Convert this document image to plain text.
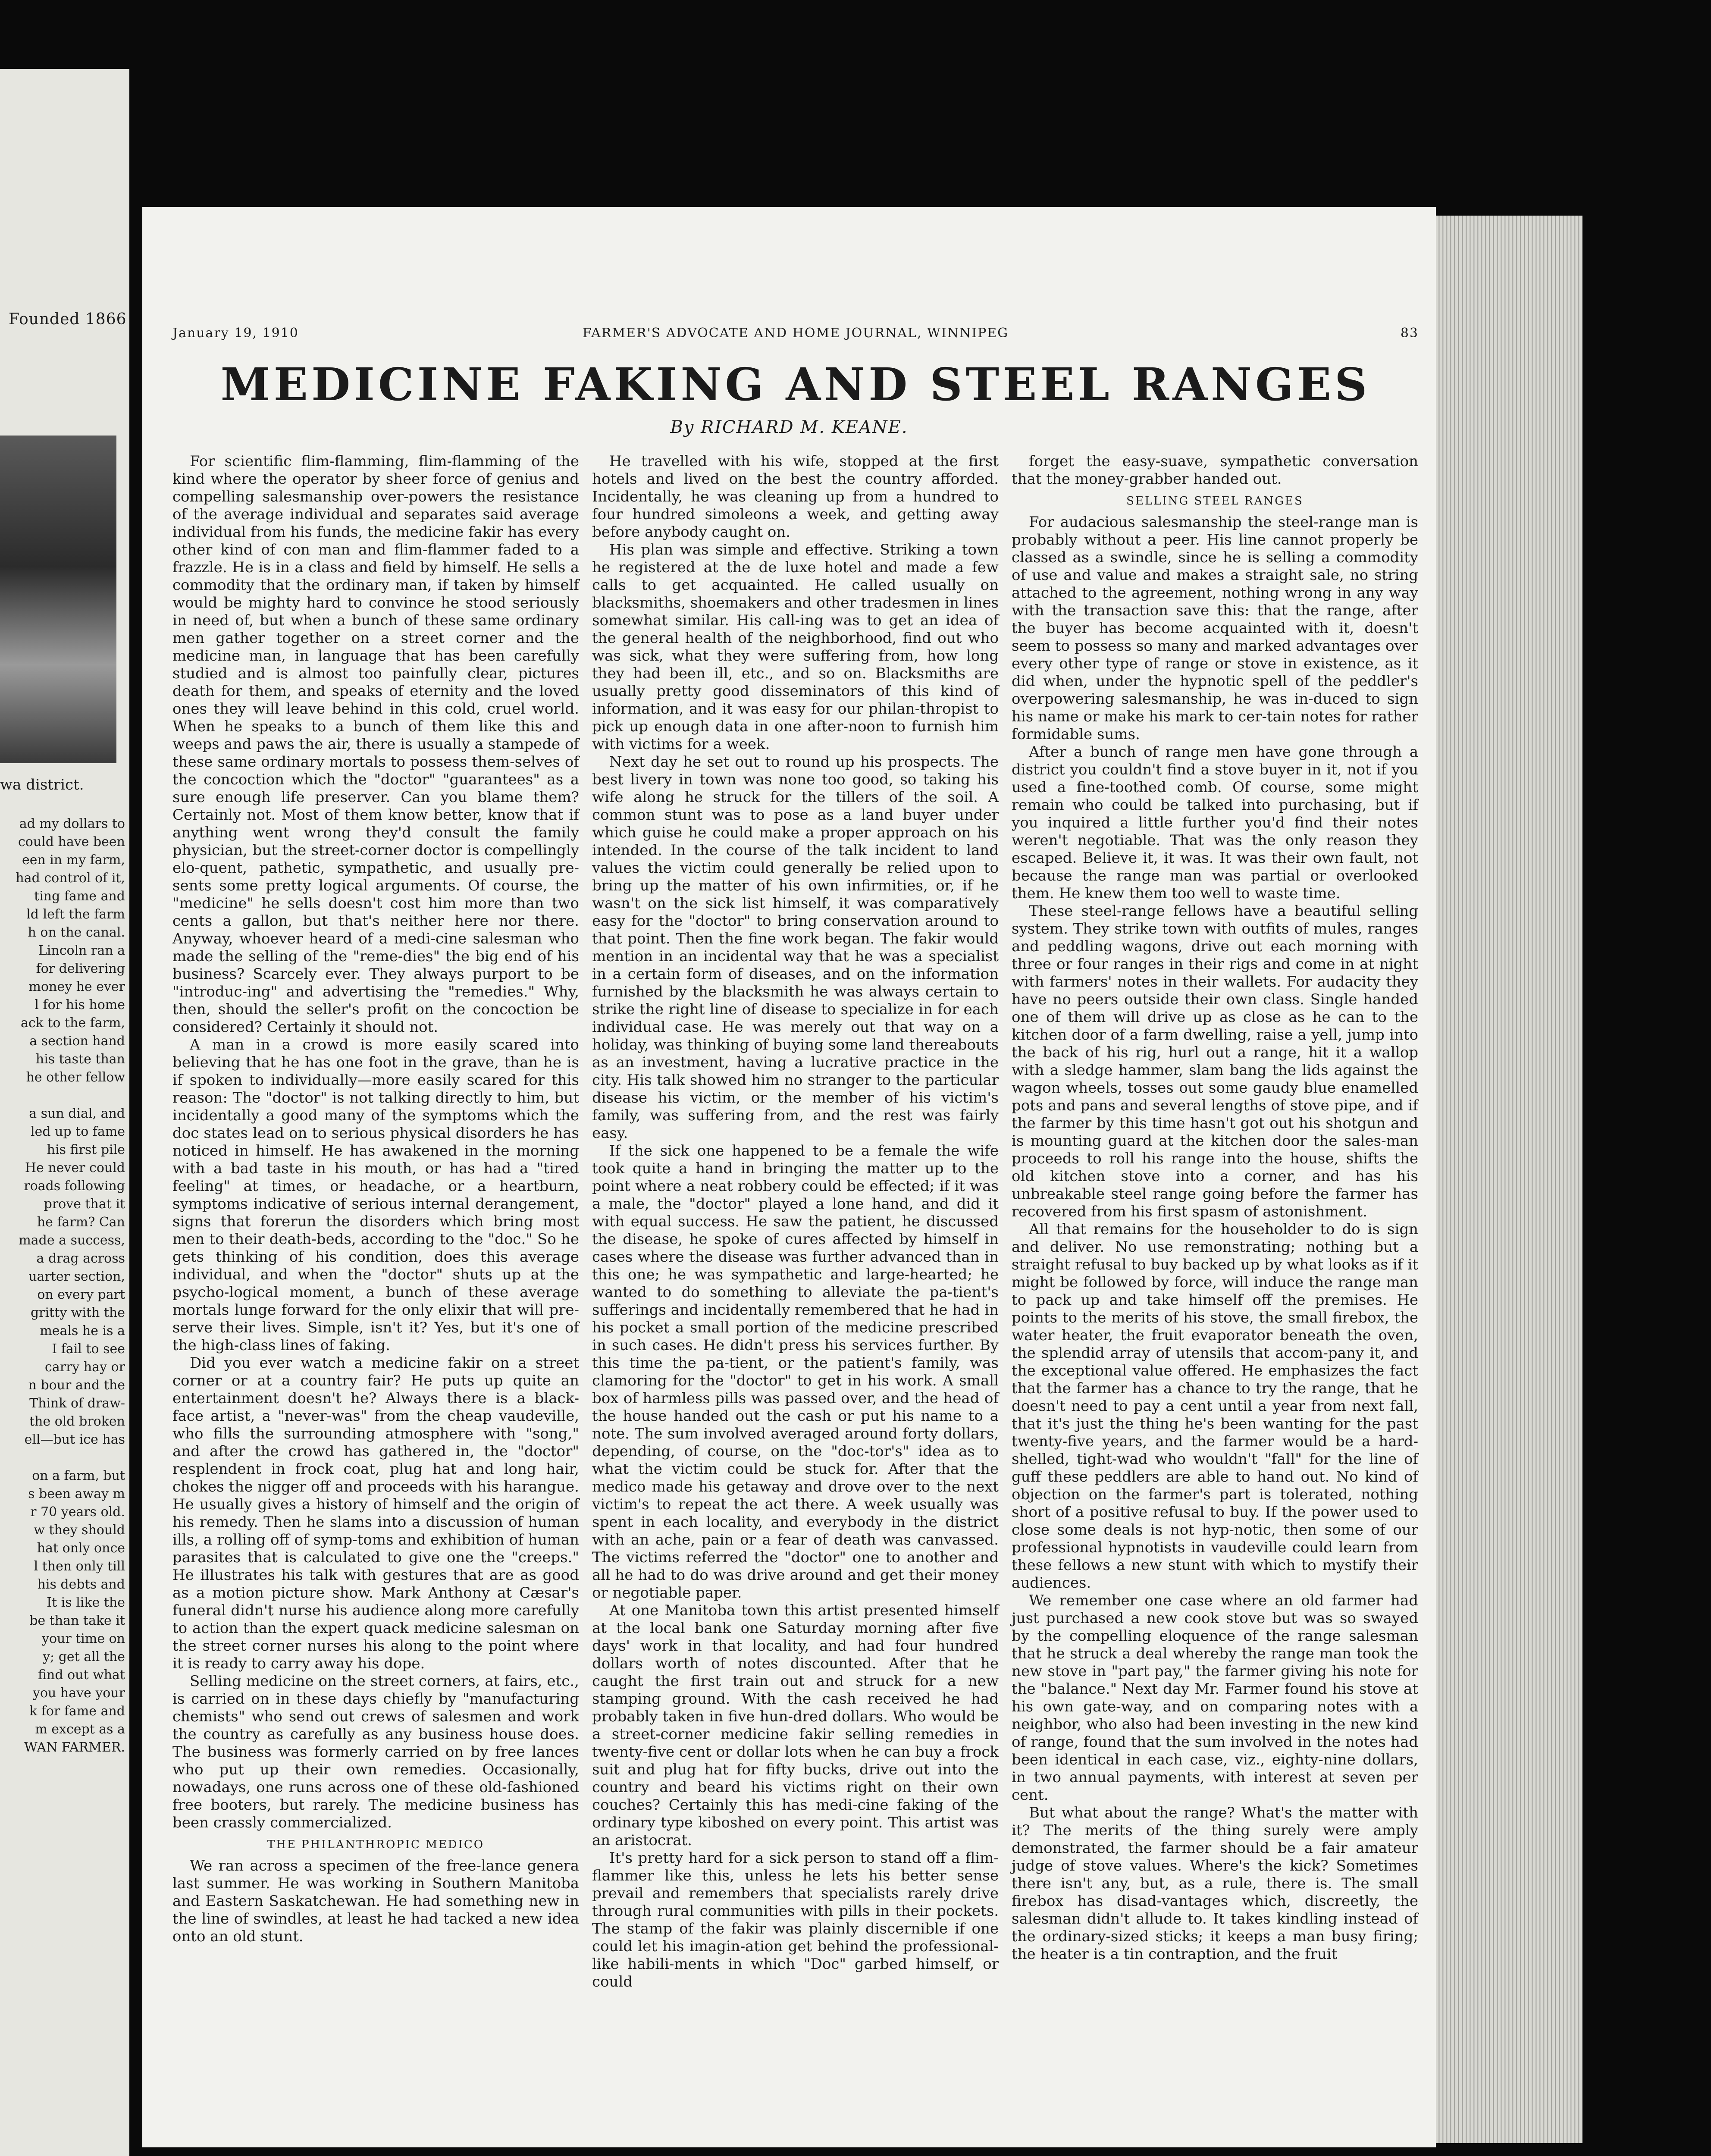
Founded 1866
wa district.
ad my dollars to
could have been
een in my farm,
had control of it,
ting fame and
ld left the farm
h on the canal.
Lincoln ran a
for delivering
money he ever
l for his home
ack to the farm,
a section hand
his taste than
he other fellow

a sun dial, and
led up to fame
his first pile
He never could
roads following
prove that it
he farm? Can
made a success,
a drag across
uarter section,
on every part
gritty with the
meals he is a
I fail to see
carry hay or
n bour and the
Think of draw-
the old broken
ell—but ice has

on a farm, but
s been away m
r 70 years old.
w they should
hat only once
l then only till
his debts and
It is like the
be than take it
your time on
y; get all the
find out what
you have your
k for fame and
m except as a
WAN FARMER.
January 19, 1910	FARMER'S ADVOCATE AND HOME JOURNAL, WINNIPEG	83
MEDICINE FAKING AND STEEL RANGES
By RICHARD M. KEANE.

For scientific flim-flamming, flim-flamming of the kind where the operator by sheer force of genius and compelling salesmanship over-powers the resistance of the average individual and separates said average individual from his funds, the medicine fakir has every other kind of con man and flim-flammer faded to a frazzle. He is in a class and field by himself. He sells a commodity that the ordinary man, if taken by himself would be mighty hard to convince he stood seriously in need of, but when a bunch of these same ordinary men gather together on a street corner and the medicine man, in language that has been carefully studied and is almost too painfully clear, pictures death for them, and speaks of eternity and the loved ones they will leave behind in this cold, cruel world. When he speaks to a bunch of them like this and weeps and paws the air, there is usually a stampede of these same ordinary mortals to possess them-selves of the concoction which the "doctor" "guarantees" as a sure enough life preserver. Can you blame them? Certainly not. Most of them know better, know that if anything went wrong they'd consult the family physician, but the street-corner doctor is compellingly elo-quent, pathetic, sympathetic, and usually pre-sents some pretty logical arguments. Of course, the "medicine" he sells doesn't cost him more than two cents a gallon, but that's neither here nor there. Anyway, whoever heard of a medi-cine salesman who made the selling of the "reme-dies" the big end of his business? Scarcely ever. They always purport to be "introduc-ing" and advertising the "remedies." Why, then, should the seller's profit on the concoction be considered? Certainly it should not.

A man in a crowd is more easily scared into believing that he has one foot in the grave, than he is if spoken to individually—more easily scared for this reason: The "doctor" is not talking directly to him, but incidentally a good many of the symptoms which the doc states lead on to serious physical disorders he has noticed in himself. He has awakened in the morning with a bad taste in his mouth, or has had a "tired feeling" at times, or headache, or a heartburn, symptoms indicative of serious internal derangement, signs that forerun the disorders which bring most men to their death-beds, according to the "doc." So he gets thinking of his condition, does this average individual, and when the "doctor" shuts up at the psycho-logical moment, a bunch of these average mortals lunge forward for the only elixir that will pre-serve their lives. Simple, isn't it? Yes, but it's one of the high-class lines of faking.

Did you ever watch a medicine fakir on a street corner or at a country fair? He puts up quite an entertainment doesn't he? Always there is a black-face artist, a "never-was" from the cheap vaudeville, who fills the surrounding atmosphere with "song," and after the crowd has gathered in, the "doctor" resplendent in frock coat, plug hat and long hair, chokes the nigger off and proceeds with his harangue. He usually gives a history of himself and the origin of his remedy. Then he slams into a discussion of human ills, a rolling off of symp-toms and exhibition of human parasites that is calculated to give one the "creeps." He illustrates his talk with gestures that are as good as a motion picture show. Mark Anthony at Cæsar's funeral didn't nurse his audience along more carefully to action than the expert quack medicine salesman on the street corner nurses his along to the point where it is ready to carry away his dope.

Selling medicine on the street corners, at fairs, etc., is carried on in these days chiefly by "manufacturing chemists" who send out crews of salesmen and work the country as carefully as any business house does. The business was formerly carried on by free lances who put up their own remedies. Occasionally, nowadays, one runs across one of these old-fashioned free booters, but rarely. The medicine business has been crassly commercialized.

THE PHILANTHROPIC MEDICO

We ran across a specimen of the free-lance genera last summer. He was working in Southern Manitoba and Eastern Saskatchewan. He had something new in the line of swindles, at least he had tacked a new idea onto an old stunt.

He travelled with his wife, stopped at the first hotels and lived on the best the country afforded. Incidentally, he was cleaning up from a hundred to four hundred simoleons a week, and getting away before anybody caught on.

His plan was simple and effective. Striking a town he registered at the de luxe hotel and made a few calls to get acquainted. He called usually on blacksmiths, shoemakers and other tradesmen in lines somewhat similar. His call-ing was to get an idea of the general health of the neighborhood, find out who was sick, what they were suffering from, how long they had been ill, etc., and so on. Blacksmiths are usually pretty good disseminators of this kind of information, and it was easy for our philan-thropist to pick up enough data in one after-noon to furnish him with victims for a week.

Next day he set out to round up his prospects. The best livery in town was none too good, so taking his wife along he struck for the tillers of the soil. A common stunt was to pose as a land buyer under which guise he could make a proper approach on his intended. In the course of the talk incident to land values the victim could generally be relied upon to bring up the matter of his own infirmities, or, if he wasn't on the sick list himself, it was comparatively easy for the "doctor" to bring conservation around to that point. Then the fine work began. The fakir would mention in an incidental way that he was a specialist in a certain form of diseases, and on the information furnished by the blacksmith he was always certain to strike the right line of disease to specialize in for each individual case. He was merely out that way on a holiday, was thinking of buying some land thereabouts as an investment, having a lucrative practice in the city. His talk showed him no stranger to the particular disease his victim, or the member of his victim's family, was suffering from, and the rest was fairly easy.

If the sick one happened to be a female the wife took quite a hand in bringing the matter up to the point where a neat robbery could be effected; if it was a male, the "doctor" played a lone hand, and did it with equal success. He saw the patient, he discussed the disease, he spoke of cures affected by himself in cases where the disease was further advanced than in this one; he was sympathetic and large-hearted; he wanted to do something to alleviate the pa-tient's sufferings and incidentally remembered that he had in his pocket a small portion of the medicine prescribed in such cases. He didn't press his services further. By this time the pa-tient, or the patient's family, was clamoring for the "doctor" to get in his work. A small box of harmless pills was passed over, and the head of the house handed out the cash or put his name to a note. The sum involved averaged around forty dollars, depending, of course, on the "doc-tor's" idea as to what the victim could be stuck for. After that the medico made his getaway and drove over to the next victim's to repeat the act there. A week usually was spent in each locality, and everybody in the district with an ache, pain or a fear of death was canvassed. The victims referred the "doctor" one to another and all he had to do was drive around and get their money or negotiable paper.

At one Manitoba town this artist presented himself at the local bank one Saturday morning after five days' work in that locality, and had four hundred dollars worth of notes discounted. After that he caught the first train out and struck for a new stamping ground. With the cash received he had probably taken in five hun-dred dollars. Who would be a street-corner medicine fakir selling remedies in twenty-five cent or dollar lots when he can buy a frock suit and plug hat for fifty bucks, drive out into the country and beard his victims right on their own couches? Certainly this has medi-cine faking of the ordinary type kiboshed on every point. This artist was an aristocrat.

It's pretty hard for a sick person to stand off a flim-flammer like this, unless he lets his better sense prevail and remembers that specialists rarely drive through rural communities with pills in their pockets. The stamp of the fakir was plainly discernible if one could let his imagin-ation get behind the professional-like habili-ments in which "Doc" garbed himself, or could

forget the easy-suave, sympathetic conversation that the money-grabber handed out.

SELLING STEEL RANGES

For audacious salesmanship the steel-range man is probably without a peer. His line cannot properly be classed as a swindle, since he is selling a commodity of use and value and makes a straight sale, no string attached to the agreement, nothing wrong in any way with the transaction save this: that the range, after the buyer has become acquainted with it, doesn't seem to possess so many and marked advantages over every other type of range or stove in existence, as it did when, under the hypnotic spell of the peddler's overpowering salesmanship, he was in-duced to sign his name or make his mark to cer-tain notes for rather formidable sums.

After a bunch of range men have gone through a district you couldn't find a stove buyer in it, not if you used a fine-toothed comb. Of course, some might remain who could be talked into purchasing, but if you inquired a little further you'd find their notes weren't negotiable. That was the only reason they escaped. Believe it, it was. It was their own fault, not because the range man was partial or overlooked them. He knew them too well to waste time.

These steel-range fellows have a beautiful selling system. They strike town with outfits of mules, ranges and peddling wagons, drive out each morning with three or four ranges in their rigs and come in at night with farmers' notes in their wallets. For audacity they have no peers outside their own class. Single handed one of them will drive up as close as he can to the kitchen door of a farm dwelling, raise a yell, jump into the back of his rig, hurl out a range, hit it a wallop with a sledge hammer, slam bang the lids against the wagon wheels, tosses out some gaudy blue enamelled pots and pans and several lengths of stove pipe, and if the farmer by this time hasn't got out his shotgun and is mounting guard at the kitchen door the sales-man proceeds to roll his range into the house, shifts the old kitchen stove into a corner, and has his unbreakable steel range going before the farmer has recovered from his first spasm of astonishment.

All that remains for the householder to do is sign and deliver. No use remonstrating; nothing but a straight refusal to buy backed up by what looks as if it might be followed by force, will induce the range man to pack up and take himself off the premises. He points to the merits of his stove, the small firebox, the water heater, the fruit evaporator beneath the oven, the splendid array of utensils that accom-pany it, and the exceptional value offered. He emphasizes the fact that the farmer has a chance to try the range, that he doesn't need to pay a cent until a year from next fall, that it's just the thing he's been wanting for the past twenty-five years, and the farmer would be a hard-shelled, tight-wad who wouldn't "fall" for the line of guff these peddlers are able to hand out. No kind of objection on the farmer's part is tolerated, nothing short of a positive refusal to buy. If the power used to close some deals is not hyp-notic, then some of our professional hypnotists in vaudeville could learn from these fellows a new stunt with which to mystify their audiences.

We remember one case where an old farmer had just purchased a new cook stove but was so swayed by the compelling eloquence of the range salesman that he struck a deal whereby the range man took the new stove in "part pay," the farmer giving his note for the "balance." Next day Mr. Farmer found his stove at his own gate-way, and on comparing notes with a neighbor, who also had been investing in the new kind of range, found that the sum involved in the notes had been identical in each case, viz., eighty-nine dollars, in two annual payments, with interest at seven per cent.

But what about the range? What's the matter with it? The merits of the thing surely were amply demonstrated, the farmer should be a fair amateur judge of stove values. Where's the kick? Sometimes there isn't any, but, as a rule, there is. The small firebox has disad-vantages which, discreetly, the salesman didn't allude to. It takes kindling instead of the ordinary-sized sticks; it keeps a man busy firing; the heater is a tin contraption, and the fruit
